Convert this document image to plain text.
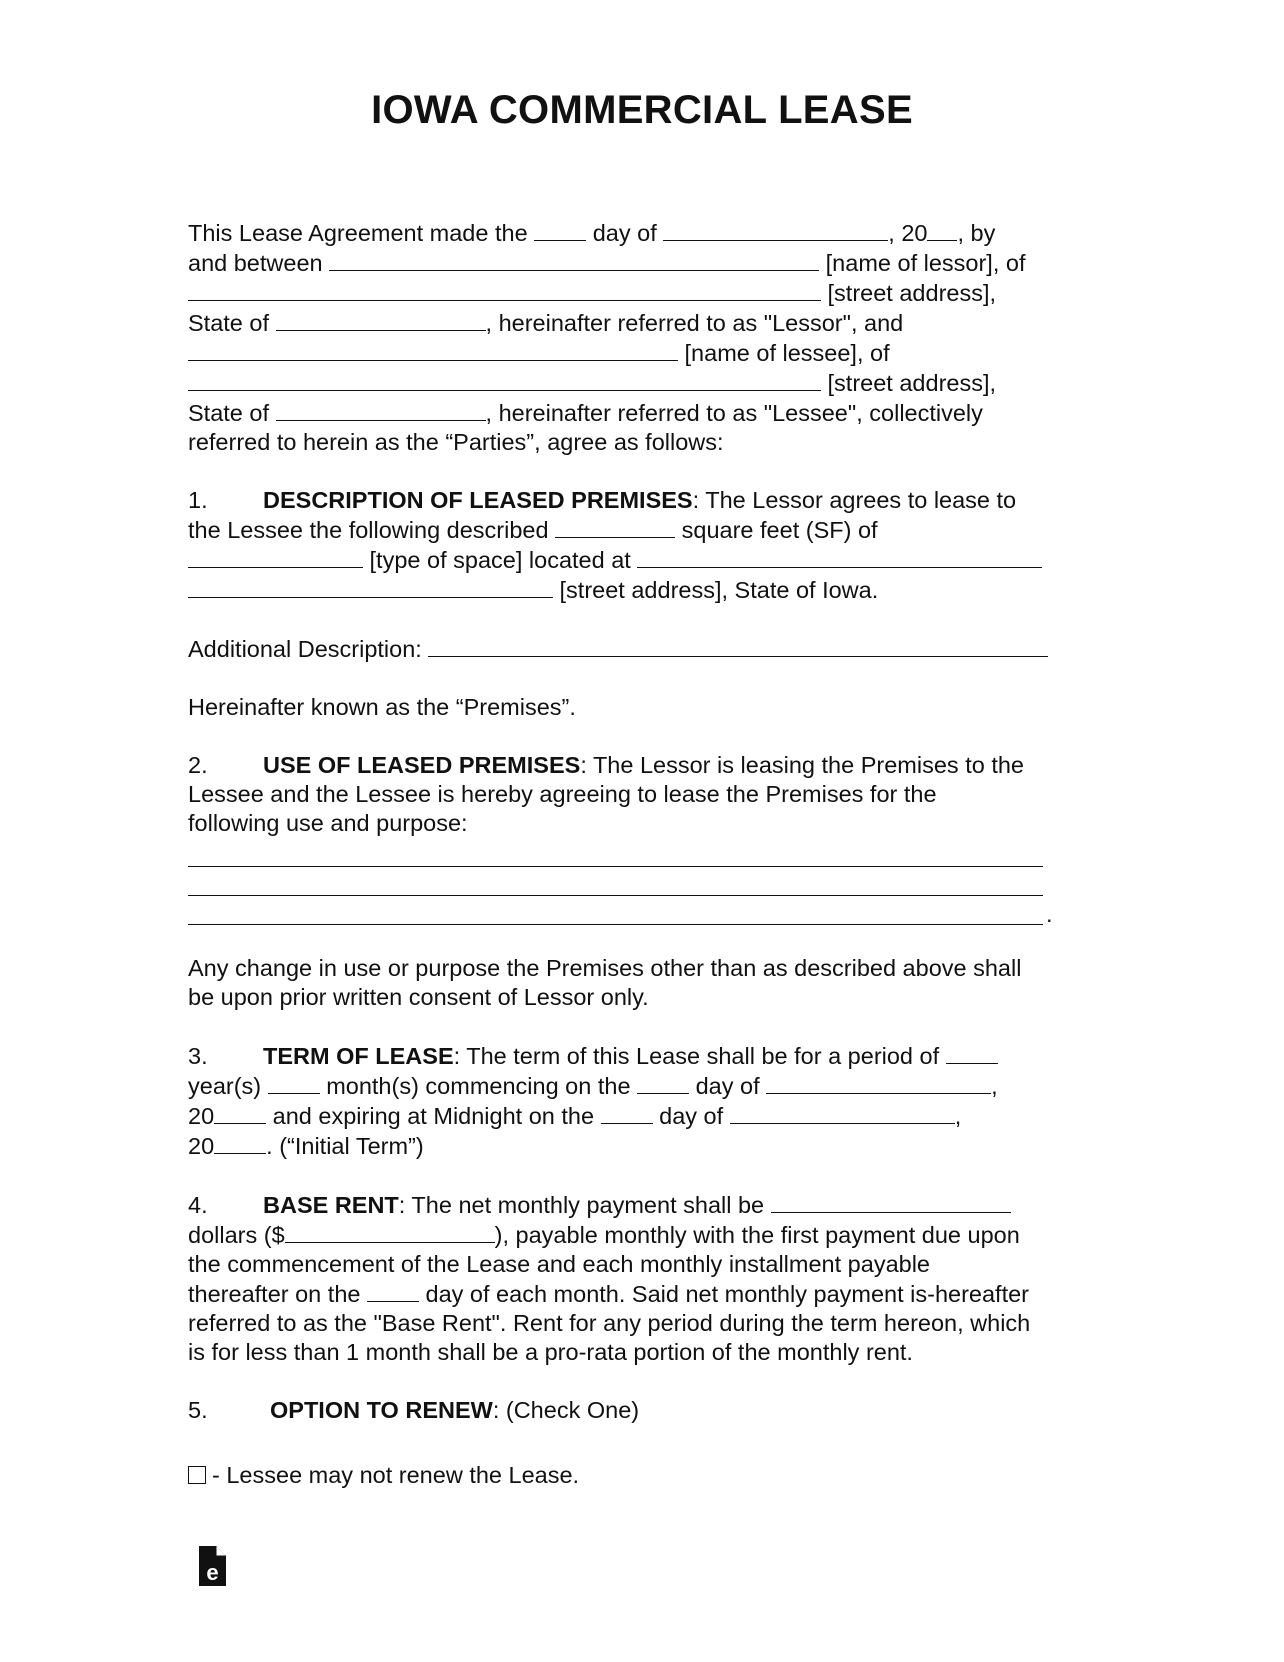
IOWA COMMERCIAL LEASE

This Lease Agreement made the	day of	, 20 , by

and between	[name of lessor], of

[street address],

State of	, hereinafter referred to as "Lessor", and

[name of lessee], of

[street address],

State of	, hereinafter referred to as "Lessee", collectively

referred to herein as the “Parties”, agree as follows:

1. DESCRIPTION OF LEASED PREMISES: The Lessor agrees to lease to

the Lessee the following described	square feet (SF) of

[type of space] located at

[street address], State of Iowa.

Additional Description:

Hereinafter known as the “Premises”.

2. USE OF LEASED PREMISES: The Lessor is leasing the Premises to the

Lessee and the Lessee is hereby agreeing to lease the Premises for the

following use and purpose:

.

Any change in use or purpose the Premises other than as described above shall

be upon prior written consent of Lessor only.

3. TERM OF LEASE: The term of this Lease shall be for a period of

year(s)	month(s) commencing on the	day of	,

20 and expiring at Midnight on the	day of	,

20 . (“Initial Term”)

4. BASE RENT: The net monthly payment shall be

dollars ($	), payable monthly with the first payment due upon

the commencement of the Lease and each monthly installment payable

thereafter on the	day of each month. Said net monthly payment is-hereafter

referred to as the "Base Rent". Rent for any period during the term hereon, which

is for less than 1 month shall be a pro-rata portion of the monthly rent.

5.	OPTION TO RENEW: (Check One)

- Lessee may not renew the Lease.

e
